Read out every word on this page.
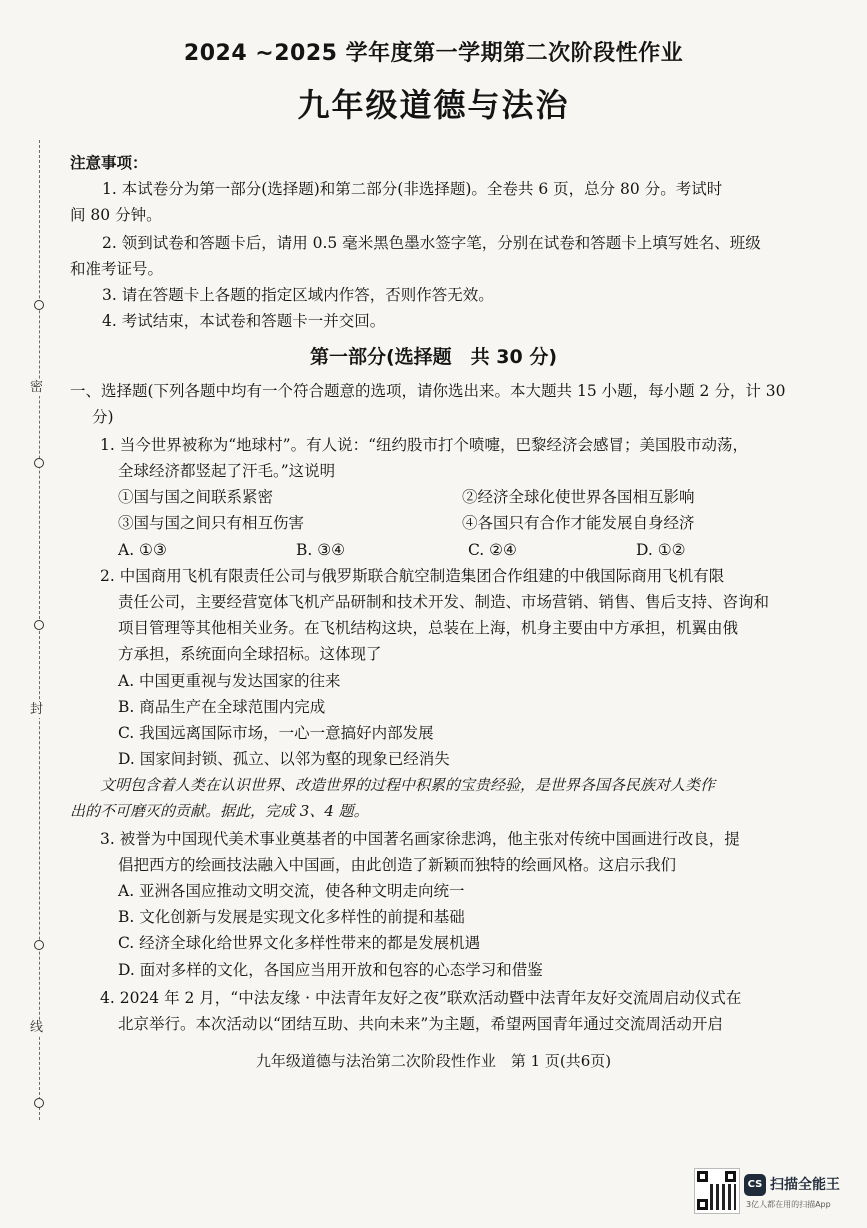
密
封
线
2024 ~2025 学年度第一学期第二次阶段性作业
九年级道德与法治
注意事项：
1. 本试卷分为第一部分(选择题)和第二部分(非选择题)。全卷共 6 页，总分 80 分。考试时
间 80 分钟。
2. 领到试卷和答题卡后，请用 0.5 毫米黑色墨水签字笔，分别在试卷和答题卡上填写姓名、班级
和准考证号。
3. 请在答题卡上各题的指定区域内作答，否则作答无效。
4. 考试结束，本试卷和答题卡一并交回。
第一部分(选择题　共 30 分)
一、选择题(下列各题中均有一个符合题意的选项，请你选出来。本大题共 15 小题，每小题 2 分，计 30
分)
1. 当今世界被称为“地球村”。有人说：“纽约股市打个喷嚏，巴黎经济会感冒；美国股市动荡，
全球经济都竖起了汗毛。”这说明
①国与国之间联系紧密	②经济全球化使世界各国相互影响
③国与国之间只有相互伤害	④各国只有合作才能发展自身经济
A. ①③	B. ③④	C. ②④	D. ①②
2. 中国商用飞机有限责任公司与俄罗斯联合航空制造集团合作组建的中俄国际商用飞机有限
责任公司，主要经营宽体飞机产品研制和技术开发、制造、市场营销、销售、售后支持、咨询和
项目管理等其他相关业务。在飞机结构这块，总装在上海，机身主要由中方承担，机翼由俄
方承担，系统面向全球招标。这体现了
A. 中国更重视与发达国家的往来
B. 商品生产在全球范围内完成
C. 我国远离国际市场，一心一意搞好内部发展
D. 国家间封锁、孤立、以邻为壑的现象已经消失
文明包含着人类在认识世界、改造世界的过程中积累的宝贵经验，是世界各国各民族对人类作
出的不可磨灭的贡献。据此，完成 3、4 题。
3. 被誉为中国现代美术事业奠基者的中国著名画家徐悲鸿，他主张对传统中国画进行改良，提
倡把西方的绘画技法融入中国画，由此创造了新颖而独特的绘画风格。这启示我们
A. 亚洲各国应推动文明交流，使各种文明走向统一
B. 文化创新与发展是实现文化多样性的前提和基础
C. 经济全球化给世界文化多样性带来的都是发展机遇
D. 面对多样的文化，各国应当用开放和包容的心态学习和借鉴
4. 2024 年 2 月，“中法友缘 · 中法青年友好之夜”联欢活动暨中法青年友好交流周启动仪式在
北京举行。本次活动以“团结互助、共向未来”为主题，希望两国青年通过交流周活动开启
九年级道德与法治第二次阶段性作业　第 1 页(共6页)
CS 扫描全能王
3亿人都在用的扫描App
